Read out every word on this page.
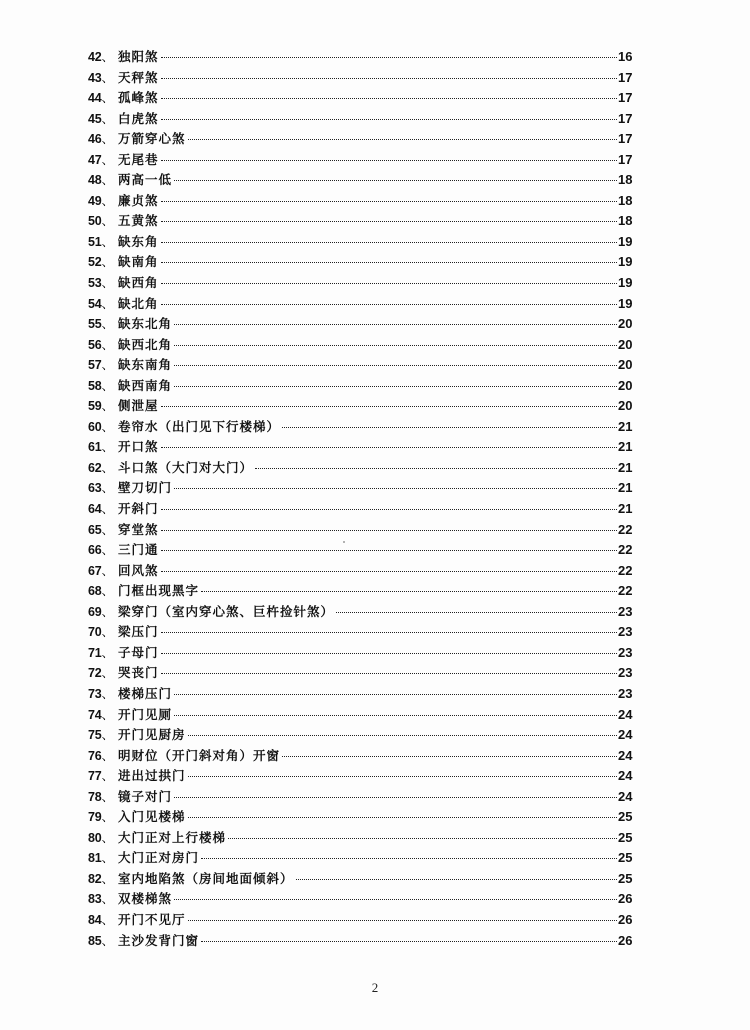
42 、 独阳煞	16
43 、 天秤煞	17
44 、 孤峰煞	17
45 、 白虎煞	17
46 、 万箭穿心煞	17
47 、 无尾巷	17
48 、 两高一低	18
49 、 廉贞煞	18
50 、 五黄煞	18
51 、 缺东角	19
52 、 缺南角	19
53 、 缺西角	19
54 、 缺北角	19
55 、 缺东北角	20
56 、 缺西北角	20
57 、 缺东南角	20
58 、 缺西南角	20
59 、 侧泄屋	20
60 、 卷帘水（出门见下行楼梯）	21
61 、 开口煞	21
62 、 斗口煞（大门对大门）	21
63 、 壁刀切门	21
64 、 开斜门	21
65 、 穿堂煞	22
66 、 三门通	22
67 、 回风煞	22
68 、 门框出现黑字	22
69 、 梁穿门（室内穿心煞、巨杵捡针煞）	23
70 、 梁压门	23
71 、 子母门	23
72 、 哭丧门	23
73 、 楼梯压门	23
74 、 开门见厕	24
75 、 开门见厨房	24
76 、 明财位（开门斜对角）开窗	24
77 、 进出过拱门	24
78 、 镜子对门	24
79 、 入门见楼梯	25
80 、 大门正对上行楼梯	25
81 、 大门正对房门	25
82 、 室内地陷煞（房间地面倾斜）	25
83 、 双楼梯煞	26
84 、 开门不见厅	26
85 、 主沙发背门窗	26
2
